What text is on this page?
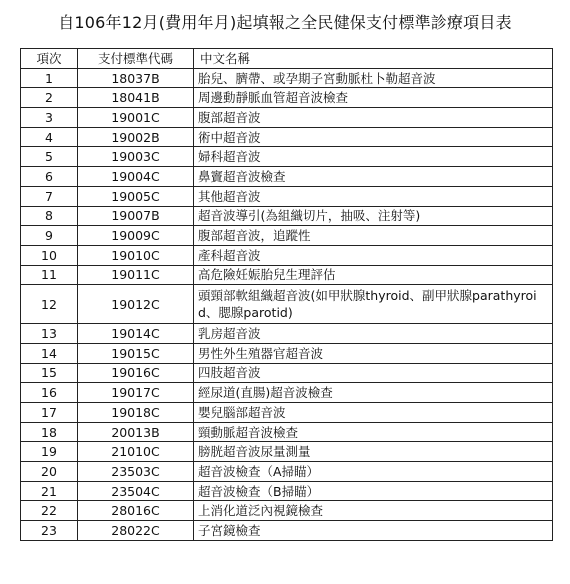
自106年12月(費用年月)起填報之全民健保支付標準診療項目表
項次	支付標準代碼	中文名稱
1	18037B	胎兒、臍帶、或孕期子宮動脈杜卜勒超音波
2	18041B	周邊動靜脈血管超音波檢查
3	19001C	腹部超音波
4	19002B	術中超音波
5	19003C	婦科超音波
6	19004C	鼻竇超音波檢查
7	19005C	其他超音波
8	19007B	超音波導引(為組織切片，抽吸、注射等)
9	19009C	腹部超音波，追蹤性
10	19010C	產科超音波
11	19011C	高危險妊娠胎兒生理評估
12	19012C	頭頸部軟組織超音波(如甲狀腺thyroid、副甲狀腺parathyroid、腮腺parotid)
13	19014C	乳房超音波
14	19015C	男性外生殖器官超音波
15	19016C	四肢超音波
16	19017C	經尿道(直腸)超音波檢查
17	19018C	嬰兒腦部超音波
18	20013B	頸動脈超音波檢查
19	21010C	膀胱超音波尿量測量
20	23503C	超音波檢查（A掃瞄）
21	23504C	超音波檢查（B掃瞄）
22	28016C	上消化道泛內視鏡檢查
23	28022C	子宮鏡檢查
